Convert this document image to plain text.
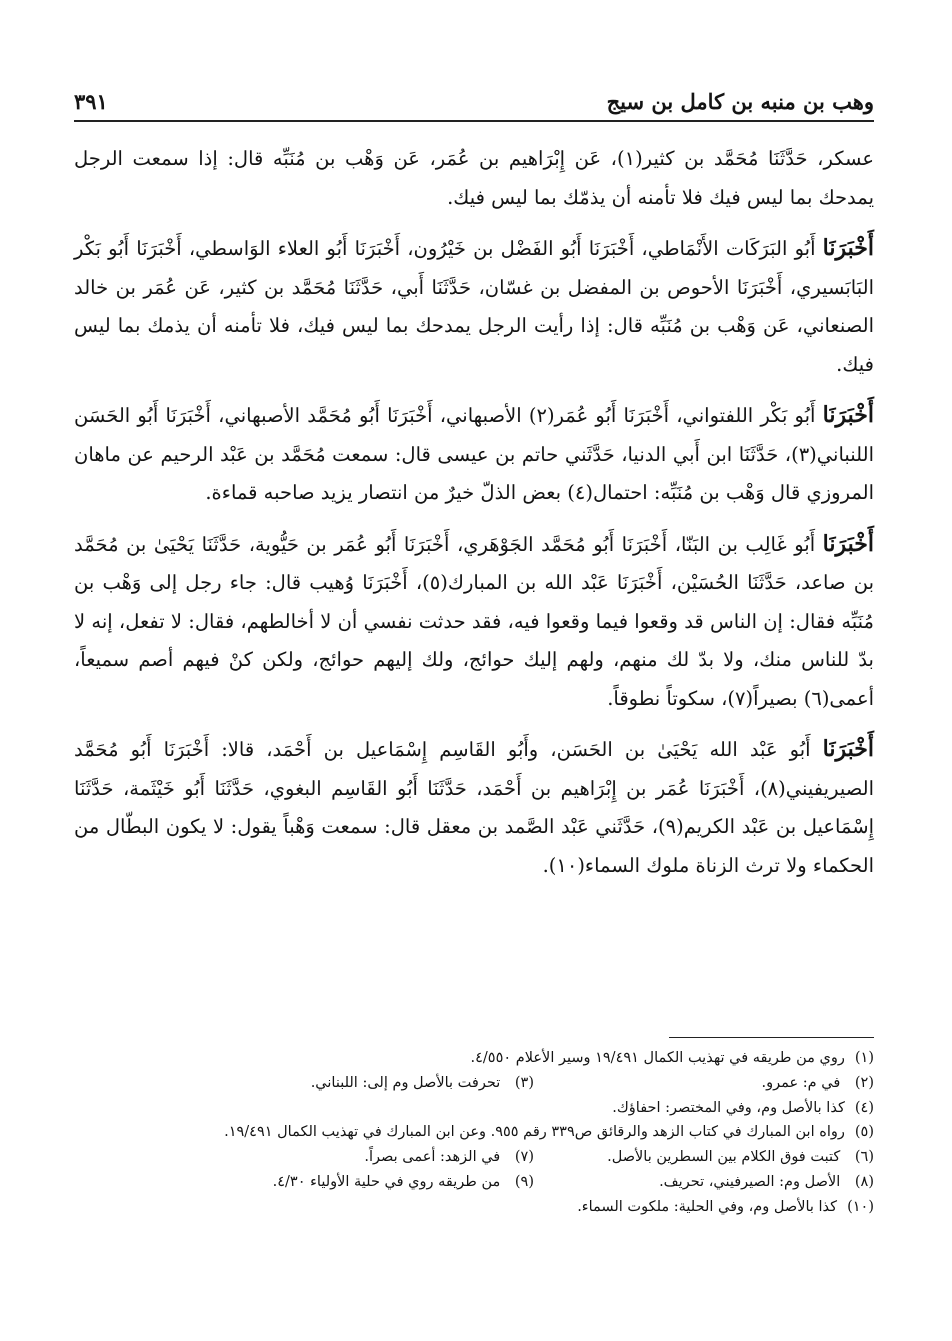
وهب بن منبه بن كامل بن سيج
٣٩١

عسكر، حَدَّثَنَا مُحَمَّد بن كثير(١)، عَن إِبْرَاهيم بن عُمَر، عَن وَهْب بن مُنَبِّه قال: إذا سمعت الرجل يمدحك بما ليس فيك فلا تأمنه أن يذمّك بما ليس فيك.

أَخْبَرَنَا أَبُو البَرَكَات الأَنْمَاطي، أَخْبَرَنَا أَبُو الفَضْل بن خَيْرُون، أَخْبَرَنَا أَبُو العلاء الوَاسطي، أَخْبَرَنَا أَبُو بَكْر البَابَسيري، أَخْبَرَنَا الأحوص بن المفضل بن غسّان، حَدَّثَنَا أَبي، حَدَّثَنَا مُحَمَّد بن كثير، عَن عُمَر بن خالد الصنعاني، عَن وَهْب بن مُنَبِّه قال: إذا رأيت الرجل يمدحك بما ليس فيك، فلا تأمنه أن يذمك بما ليس فيك.

أَخْبَرَنَا أَبُو بَكْر اللفتواني، أَخْبَرَنَا أَبُو عُمَر(٢) الأصبهاني، أَخْبَرَنَا أَبُو مُحَمَّد الأصبهاني، أَخْبَرَنَا أَبُو الحَسَن اللنباني(٣)، حَدَّثَنَا ابن أَبي الدنيا، حَدَّثَني حاتم بن عيسى قال: سمعت مُحَمَّد بن عَبْد الرحيم عن ماهان المروزي قال وَهْب بن مُنَبِّه: احتمال(٤) بعض الذلّ خيرٌ من انتصار يزيد صاحبه قماءة.

أَخْبَرَنَا أَبُو غَالِب بن البَنّا، أَخْبَرَنَا أَبُو مُحَمَّد الجَوْهَري، أَخْبَرَنَا أَبُو عُمَر بن حَيُّوية، حَدَّثَنَا يَحْيَىٰ بن مُحَمَّد بن صاعد، حَدَّثَنَا الحُسَيْن، أَخْبَرَنَا عَبْد الله بن المبارك(٥)، أَخْبَرَنَا وُهيب قال: جاء رجل إلى وَهْب بن مُنَبِّه فقال: إن الناس قد وقعوا فيما وقعوا فيه، فقد حدثت نفسي أن لا أخالطهم، فقال: لا تفعل، إنه لا بدّ للناس منك، ولا بدّ لك منهم، ولهم إليك حوائج، ولك إليهم حوائج، ولكن كنْ فيهم أصم سميعاً، أعمى(٦) بصيراً(٧)، سكوتاً نطوقاً.

أَخْبَرَنَا أَبُو عَبْد الله يَحْيَىٰ بن الحَسَن، وأَبُو القَاسِم إِسْمَاعيل بن أَحْمَد، قالا: أَخْبَرَنَا أَبُو مُحَمَّد الصيريفيني(٨)، أَخْبَرَنَا عُمَر بن إِبْرَاهيم بن أَحْمَد، حَدَّثَنَا أَبُو القَاسِم البغوي، حَدَّثَنَا أَبُو خَيْثَمة، حَدَّثَنَا إِسْمَاعيل بن عَبْد الكريم(٩)، حَدَّثَني عَبْد الصَّمد بن معقل قال: سمعت وَهْباً يقول: لا يكون البطّال من الحكماء ولا ترث الزناة ملوك السماء(١٠).

(١)
روي من طريقه في تهذيب الكمال ١٩/٤٩١ وسير الأعلام ٤/٥٥٠.
(٢) في م: عمرو.
(٣) تحرفت بالأصل وم إلى: اللبناني.
(٤)
كذا بالأصل وم، وفي المختصر: احفاؤك.
(٥)
رواه ابن المبارك في كتاب الزهد والرقائق ص٣٣٩ رقم ٩٥٥. وعن ابن المبارك في تهذيب الكمال ١٩/٤٩١.
(٦) كتبت فوق الكلام بين السطرين بالأصل.
(٧) في الزهد: أعمى بصراً.
(٨) الأصل وم: الصيرفيني، تحريف.
(٩) من طريقه روي في حلية الأولياء ٤/٣٠.
(١٠)
كذا بالأصل وم، وفي الحلية: ملكوت السماء.
